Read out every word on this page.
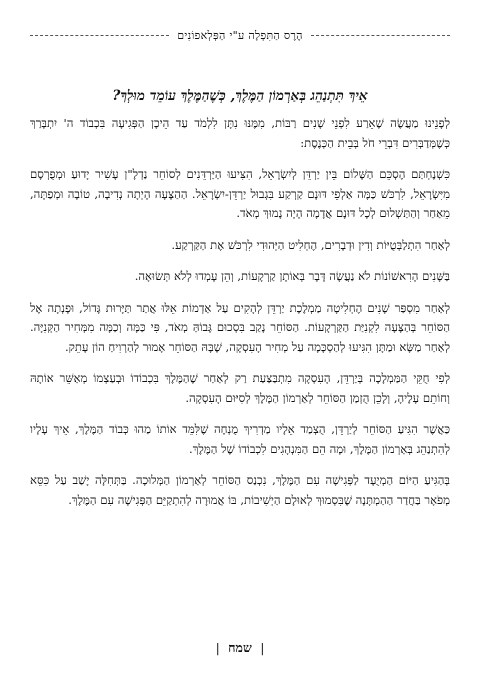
הֶרֶס הַתִּפְלָה ע"י הַפְּלְאפוֹנִים
אֵיךְ תִּתְנַהֵג בְּאַרְמוֹן הַמֶּלֶךְ, כְּשֶׁהַמֶּלֶךְ עוֹמֵד מוּלְךָ?

לְפָנֵינוּ מַעֲשֶׂה שֶׁאֵרַע לִפְנֵי שָׁנִים רַבּוֹת, מִמֶּנּוּ נִתָּן לִלְמֹד עַד הֵיכָן הַפְּגִיעָה בִּכְבוֹד ה' יִתְבָּרַךְ כְּשֶׁמְּדַבְּרִים דִּבְרֵי חֹל בְּבֵית הַכְּנֶסֶת:

כִּשְׁנֶחְתַּם הֶסְכֵּם הַשָּׁלוֹם בֵּין יַרְדֵּן לְיִשְׂרָאֵל, הִצִּיעוּ הַיַּרְדֵּנִים לְסוֹחֵר נַדְלָ"ן עָשִׁיר יָדוּעַ וּמְפֻרְסָם מִיִּשְׂרָאֵל, לִרְכֹּשׁ כַּמָּה אַלְפֵי דּוּנָם קַרְקַע בִּגְבוּל יַרְדֵּן-יִשְׂרָאֵל. הַהַצָּעָה הָיְתָה נְדִיבָה, טוֹבָה וּמְפַתָּה, מֵאַחַר וְהַתַּשְׁלוּם לְכָל דּוּנָם אֲדָמָה הָיָה נָמוּךְ מְאֹד.

לְאַחַר הִתְלַבְּטֻיּוֹת וְדִין וּדְבָרִים, הֶחְלִיט הַיְּהוּדִי לִרְכֹּשׁ אֶת הַקַּרְקַע.

בַּשָּׁנִים הָרִאשׁוֹנוֹת לֹא נַעֲשָׂה דָּבָר בְּאוֹתָן קַרְקָעוֹת, וְהֵן עָמְדוּ לְלֹא תְּשׂוּאָה.

לְאַחַר מִסְפַּר שָׁנִים הֶחְלִיטָה מַמְלֶכֶת יַרְדֵּן לְהָקִים עַל אַדְמוֹת אֵלּוּ אֲתַר תַּיָּרוּת גָּדוֹל, וּפָנְתָה אֶל הַסּוֹחֵר בְּהַצָּעָה לִקְנִיַּת הַקַּרְקָעוֹת. הַסּוֹחֵר נָקַב בִּסְכוּם גָּבוֹהַּ מְאֹד, פִּי כַּמָּה וְכַמָּה מִמְּחִיר הַקְּנִיָּה. לְאַחַר מַשָּׂא וּמַתָּן הִגִּיעוּ לְהַסְכָּמָה עַל מְחִיר הָעִסְקָה, שֶׁבָּהּ הַסּוֹחֵר אָמוּר לְהַרְוִיחַ הוֹן עָתֵק.

לְפִי חֻקֵּי הַמַּמְלָכָה בְּיַרְדֵּן, הָעִסְקָה מִתְבַּצַּעַת רַק לְאַחַר שֶׁהַמֶּלֶךְ בִּכְבוֹדוֹ וּבְעַצְמוֹ מְאַשֵּׁר אוֹתָהּ וְחוֹתֵם עָלֶיהָ, וְלָכֵן הֻזְמַן הַסּוֹחֵר לְאַרְמוֹן הַמֶּלֶךְ לְסִיּוּם הָעִסְקָה.

כַּאֲשֶׁר הִגִּיעַ הַסּוֹחֵר לְיַרְדֵּן, הֻצְמַד אֵלָיו מַדְרִיךְ מֻנְחֶה שֶׁלִּמֵּד אוֹתוֹ מַהוּ כְּבוֹד הַמֶּלֶךְ, אֵיךְ עָלָיו לְהִתְנַהֵג בְּאַרְמוֹן הַמֶּלֶךְ, וּמָה הֵם הַמִּנְהָגִים לִכְבוֹדוֹ שֶׁל הַמֶּלֶךְ.

בְּהַגִּיעַ הַיּוֹם הַמְיֻעָד לַפְּגִישָׁה עִם הַמֶּלֶךְ, נִכְנַס הַסּוֹחֵר לְאַרְמוֹן הַמְּלוּכָה. בַּתְּחִלָּה יָשַׁב עַל כִּסֵּא מְפֹאָר בַּחֲדַר הַהַמְתָּנָה שֶׁבִּסְמוּךְ לְאוּלָם הַיְשִׁיבוֹת, בּוֹ אֲמוּרָה לְהִתְקַיֵּם הַפְּגִישָׁה עִם הַמֶּלֶךְ.

| שמח |
